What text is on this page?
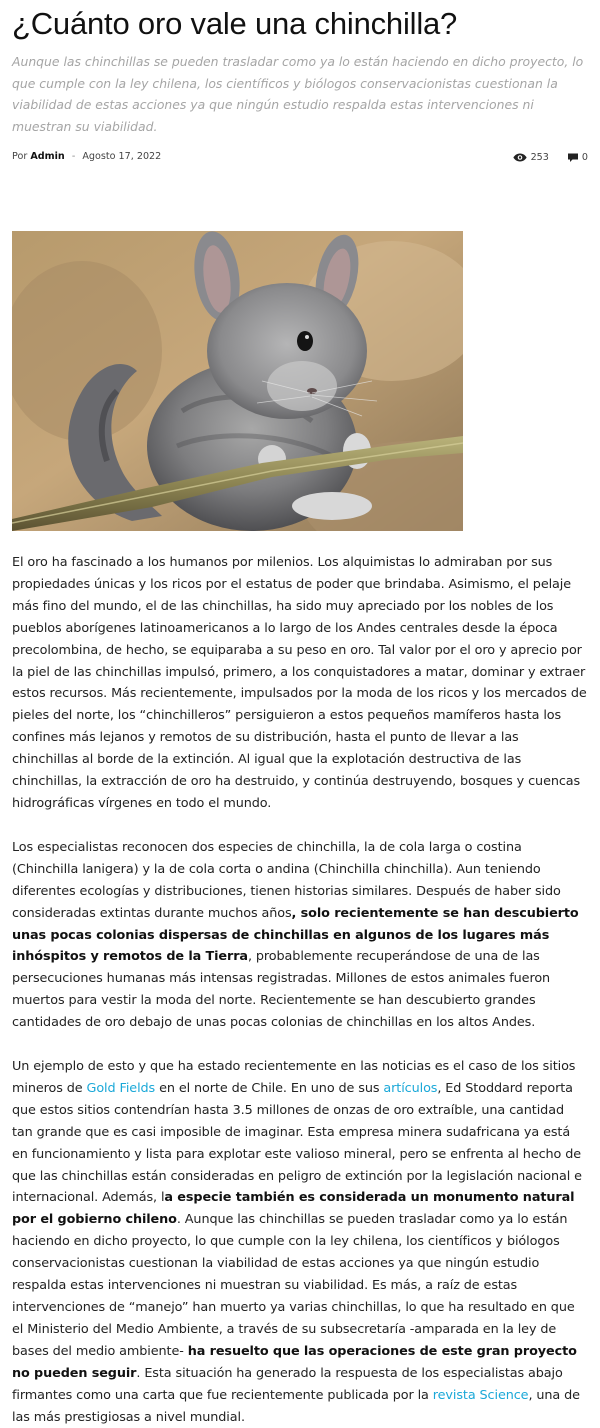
¿Cuánto oro vale una chinchilla?

Aunque las chinchillas se pueden trasladar como ya lo están haciendo en dicho proyecto, lo que cumple con la ley chilena, los científicos y biólogos conservacionistas cuestionan la viabilidad de estas acciones ya que ningún estudio respalda estas intervenciones ni muestran su viabilidad.

Por Admin - Agosto 17, 2022	253	0

El oro ha fascinado a los humanos por milenios. Los alquimistas lo admiraban por sus propiedades únicas y los ricos por el estatus de poder que brindaba. Asimismo, el pelaje más fino del mundo, el de las chinchillas, ha sido muy apreciado por los nobles de los pueblos aborígenes latinoamericanos a lo largo de los Andes centrales desde la época precolombina, de hecho, se equiparaba a su peso en oro. Tal valor por el oro y aprecio por la piel de las chinchillas impulsó, primero, a los conquistadores a matar, dominar y extraer estos recursos. Más recientemente, impulsados por la moda de los ricos y los mercados de pieles del norte, los “chinchilleros” persiguieron a estos pequeños mamíferos hasta los confines más lejanos y remotos de su distribución, hasta el punto de llevar a las chinchillas al borde de la extinción. Al igual que la explotación destructiva de las chinchillas, la extracción de oro ha destruido, y continúa destruyendo, bosques y cuencas hidrográficas vírgenes en todo el mundo.

Los especialistas reconocen dos especies de chinchilla, la de cola larga o costina (Chinchilla lanigera) y la de cola corta o andina (Chinchilla chinchilla). Aun teniendo diferentes ecologías y distribuciones, tienen historias similares. Después de haber sido consideradas extintas durante muchos años, solo recientemente se han descubierto unas pocas colonias dispersas de chinchillas en algunos de los lugares más inhóspitos y remotos de la Tierra, probablemente recuperándose de una de las persecuciones humanas más intensas registradas. Millones de estos animales fueron muertos para vestir la moda del norte. Recientemente se han descubierto grandes cantidades de oro debajo de unas pocas colonias de chinchillas en los altos Andes.

Un ejemplo de esto y que ha estado recientemente en las noticias es el caso de los sitios mineros de Gold Fields en el norte de Chile. En uno de sus artículos, Ed Stoddard reporta que estos sitios contendrían hasta 3.5 millones de onzas de oro extraíble, una cantidad tan grande que es casi imposible de imaginar. Esta empresa minera sudafricana ya está en funcionamiento y lista para explotar este valioso mineral, pero se enfrenta al hecho de que las chinchillas están consideradas en peligro de extinción por la legislación nacional e internacional. Además, la especie también es considerada un monumento natural por el gobierno chileno. Aunque las chinchillas se pueden trasladar como ya lo están haciendo en dicho proyecto, lo que cumple con la ley chilena, los científicos y biólogos conservacionistas cuestionan la viabilidad de estas acciones ya que ningún estudio respalda estas intervenciones ni muestran su viabilidad. Es más, a raíz de estas intervenciones de “manejo” han muerto ya varias chinchillas, lo que ha resultado en que el Ministerio del Medio Ambiente, a través de su subsecretaría -amparada en la ley de bases del medio ambiente- ha resuelto que las operaciones de este gran proyecto no pueden seguir. Esta situación ha generado la respuesta de los especialistas abajo firmantes como una carta que fue recientemente publicada por la revista Science, una de las más prestigiosas a nivel mundial.
